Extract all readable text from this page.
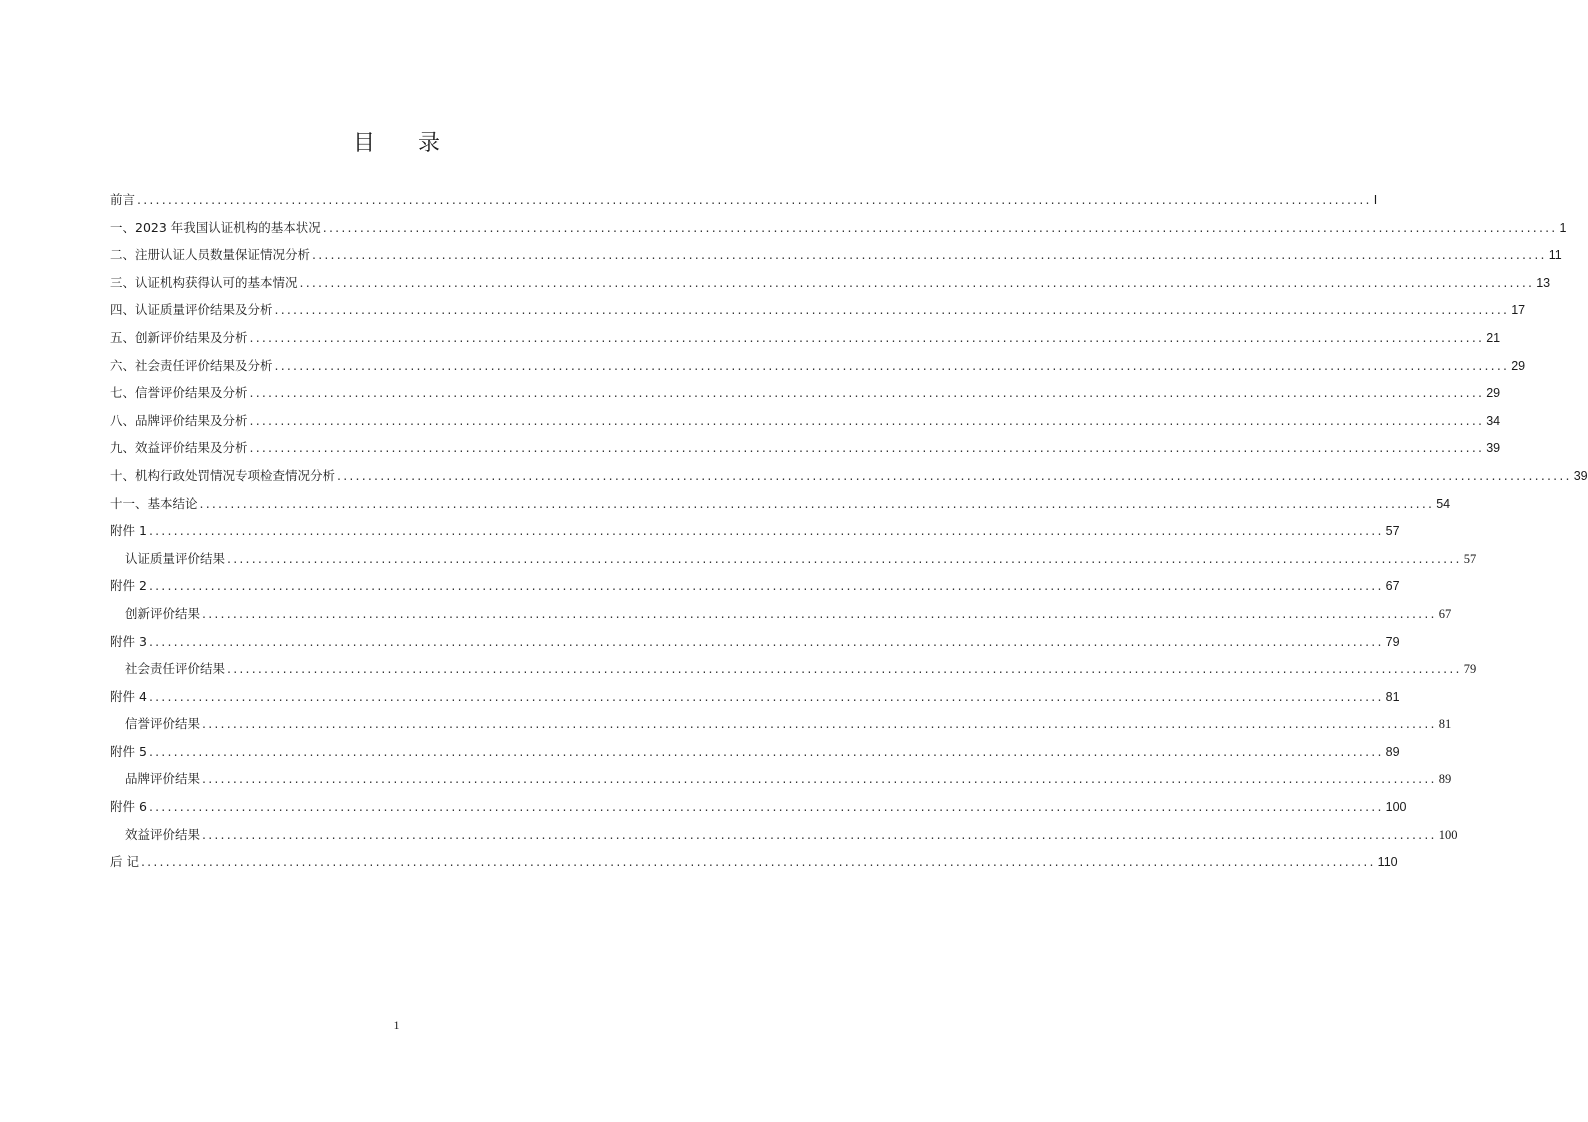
目 录
前言 ........................................................................................................................................................................................................ I
一、2023 年我国认证机构的基本状况 ........................................................................................................................................................................................................ 1
二、注册认证人员数量保证情况分析 ........................................................................................................................................................................................................ 11
三、认证机构获得认可的基本情况 ........................................................................................................................................................................................................ 13
四、认证质量评价结果及分析 ........................................................................................................................................................................................................ 17
五、创新评价结果及分析 ........................................................................................................................................................................................................ 21
六、社会责任评价结果及分析 ........................................................................................................................................................................................................ 29
七、信誉评价结果及分析 ........................................................................................................................................................................................................ 29
八、品牌评价结果及分析 ........................................................................................................................................................................................................ 34
九、效益评价结果及分析 ........................................................................................................................................................................................................ 39
十、机构行政处罚情况专项检查情况分析 ........................................................................................................................................................................................................ 39
十一、基本结论 ........................................................................................................................................................................................................ 54
附件 1 ........................................................................................................................................................................................................ 57
认证质量评价结果 ........................................................................................................................................................................................................ 57
附件 2 ........................................................................................................................................................................................................ 67
创新评价结果 ........................................................................................................................................................................................................ 67
附件 3 ........................................................................................................................................................................................................ 79
社会责任评价结果 ........................................................................................................................................................................................................ 79
附件 4 ........................................................................................................................................................................................................ 81
信誉评价结果 ........................................................................................................................................................................................................ 81
附件 5 ........................................................................................................................................................................................................ 89
品牌评价结果 ........................................................................................................................................................................................................ 89
附件 6 ........................................................................................................................................................................................................ 100
效益评价结果 ........................................................................................................................................................................................................ 100
后 记 ........................................................................................................................................................................................................ 110
1
